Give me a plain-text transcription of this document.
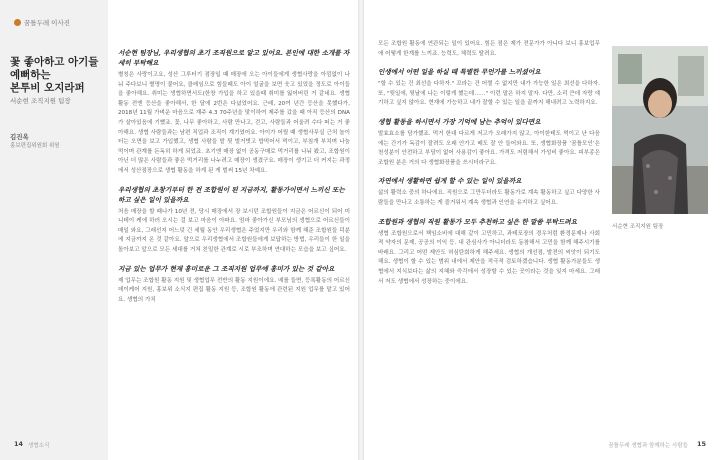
꿈틀두레 이사진
꽃 좋아하고 아기들
예뻐하는
본투비 오지라퍼
서순현 조직지원 팀장
김진옥
홍보편집위원회 위원
서순현 팀장님, 우리생협의 초기 조직원으로 알고 있어요. 본인에 대한 소개를 자세히 부탁해요
별칭은 사랑이고요, 성산 그루터기 점장일 때 매장에 오는 아이들에게 생협사랑을 아낌없이 나눠 주다보니 별명이 붙어요, 클레임으로 힘들때도 아이 얼굴을 보면 웃고 있었을 정도로 아이들을 좋아해요. 취미는 생협하면서도(한창 가입을 하고 있을때 취미를 잃어버린 거 같네요. 생협 활동 전엔 등산을 좋아해서, 한 달에 2번은 다녔었어요. 근래, 20여 년간 등산을 못했다가, 2018년 11월 가벼운 마음으로 재주 4.3 70주년을 맞이하여 제주를 갔을 때 아직 등산의 DNA가 살아있음에 기뻤죠. 꽃, 나무 좋아하고, 사람 만나고, 걷고, 사람들과 어울려 수다 떠는 거 좋아해요. 생협 사람들과는 남편 직업과 조직이 계기였어요. 아이가 어릴 때 생협사무실 근처 놀이터는 오면을 보고 가입했고, 생협 사람들 발 뒷 벌거벗고 밥먹어서 먹이고, 부침개 부치며 나눔 먹이며 관계를 돈독히 하게 되었죠. 초기엔 매장 없이 공동구매로 먹거리를 나눠 봤고, 조합원이 아닌 더 많은 사람들과 좋은 먹거리를 나누려고 매장이 생겼구요. 매장이 생기고 더 커지는 과정에서 성산점장으로 생협 활동을 하게 된 게 벌써 15년 차예요.
우리생협의 초창기부터 한 전 조합원이 된 지금까지, 활동가이면서 느끼신 또는 하고 싶은 일이 있을까요
처음 매장을 할 때나가 10년 전, 당시 매장에서 장 보시던 조합원들이 지금은 어르신이 되어 미니테이 케에 하러 오시는 걸 보고 마음이 아파요. 엄마 좋아가신 부모님의 생협으로 어르신들이 매일 와요, 그래선지 어느덧 긴 세월 동안 우리생협은 주었지만 우리와 함께 해준 조합원들 덕분에 지금까지 온 것 같아요. 앞으로 우리생협에서 조합원들에게 보답하는 방법, 우리들이 한 일을 돌아보고 앞으로 모든 세대를 거쳐 친밀한 관계로 시로 부조하며 연대하는 모습을 보고 싶어요.
지금 있는 업무가 현재 흥미로운 그 조직지원 업무에 흥미가 있는 것 같아요
제 업무는 조합원 활동 지원 및 생협업무 전반의 활동 지원이에요. 예를 들면, 등록활동의 어르신 데이케어 지원, 홍보위 소식지 편집 활동 지원 등, 조합원 활동에 관련된 지원 업무를 맡고 있어요. 생협의 가치
모든 조합원 활동에 연관되는 일이 있어요. 힘든 점은 제가 전문가가 아니다 보니 홍보업무에 어떻게 한계를 느끼죠. 능력도, 체력도 딸려요.
인생에서 어떤 일을 하실 때 특별한 무언가를 느끼셨어요
"할 수 있는 건 최선을 다하자." 꼬라는 건 어쩔 수 없지만 내가 가능한 일은 최선을 다하자. 또, "뒷일에, 뒷날에 나는 이렇게 했는데……" 이런 말은 하지 말자. 다만, 소리 큰데 자랑 얘기하고 싶지 않아요. 현재에 가능하고 내가 잘할 수 있는 일을 끝까지 해내려고 노력하지요.
생협 활동을 하시면서 가장 기억에 남는 추억이 있다면요
발효효소를 담가했죠. 먹거 한대 다르게 저고가 오래가지 않고, 아이한테도 먹이고 난 다음에는 간기가 독감이 잘려도 오래 안가고 배도 잘 안 들어와요. 또, 생협화장품 ‘꿈틀모인’은 천성분이 안전하고 부담이 없어 사용감이 좋아요. 가격도 저렴해서 가성비 좋아요. 피부종은 조합원 분은 거의 다 생협화장품을 쓰시더라구요.
자연에서 생활하면 쉽게 할 수 있는 일이 있을까요
삶의 활력소 중의 하나에요. 직원으로 그만두더라도 활동가로 계속 활동하고 싶고 다양한 사람들을 만나고 소통하는 게 즐거워서 계속 생협과 인연을 유지하고 싶어요.
조합원과 생협의 직원 활동가 모두 추천하고 싶은 한 말씀 부탁드려요
생협 조합원으로서 책임소비에 대해 같이 고민하고, 과테포장의 경우처럼 환경문제나 사회적 약자의 문제, 공공의 이익 등. 내 관심사가 아니더라도 동참해서 고민을 함께 해주시기를 바래요. 그리고 어떤 제안도 허심탄회하게 해주세요. 생협의 개선점, 발전의 씨앗이 되기도 해요. 생협이 할 수 있는 범위 내에서 제안을 적극적 검토하겠습니다. 생협 활동가분들도 생협에서 지식보다는 삶의 지혜와 즉각에서 성장할 수 있는 곳이라는 것을 잊지 마세요. 그래서 저도 생협에서 성장하는 중이에요.
서순현 조직지원 팀장
14 생협소식	꿈틀두레 생협과 함께하는 사람들 15
